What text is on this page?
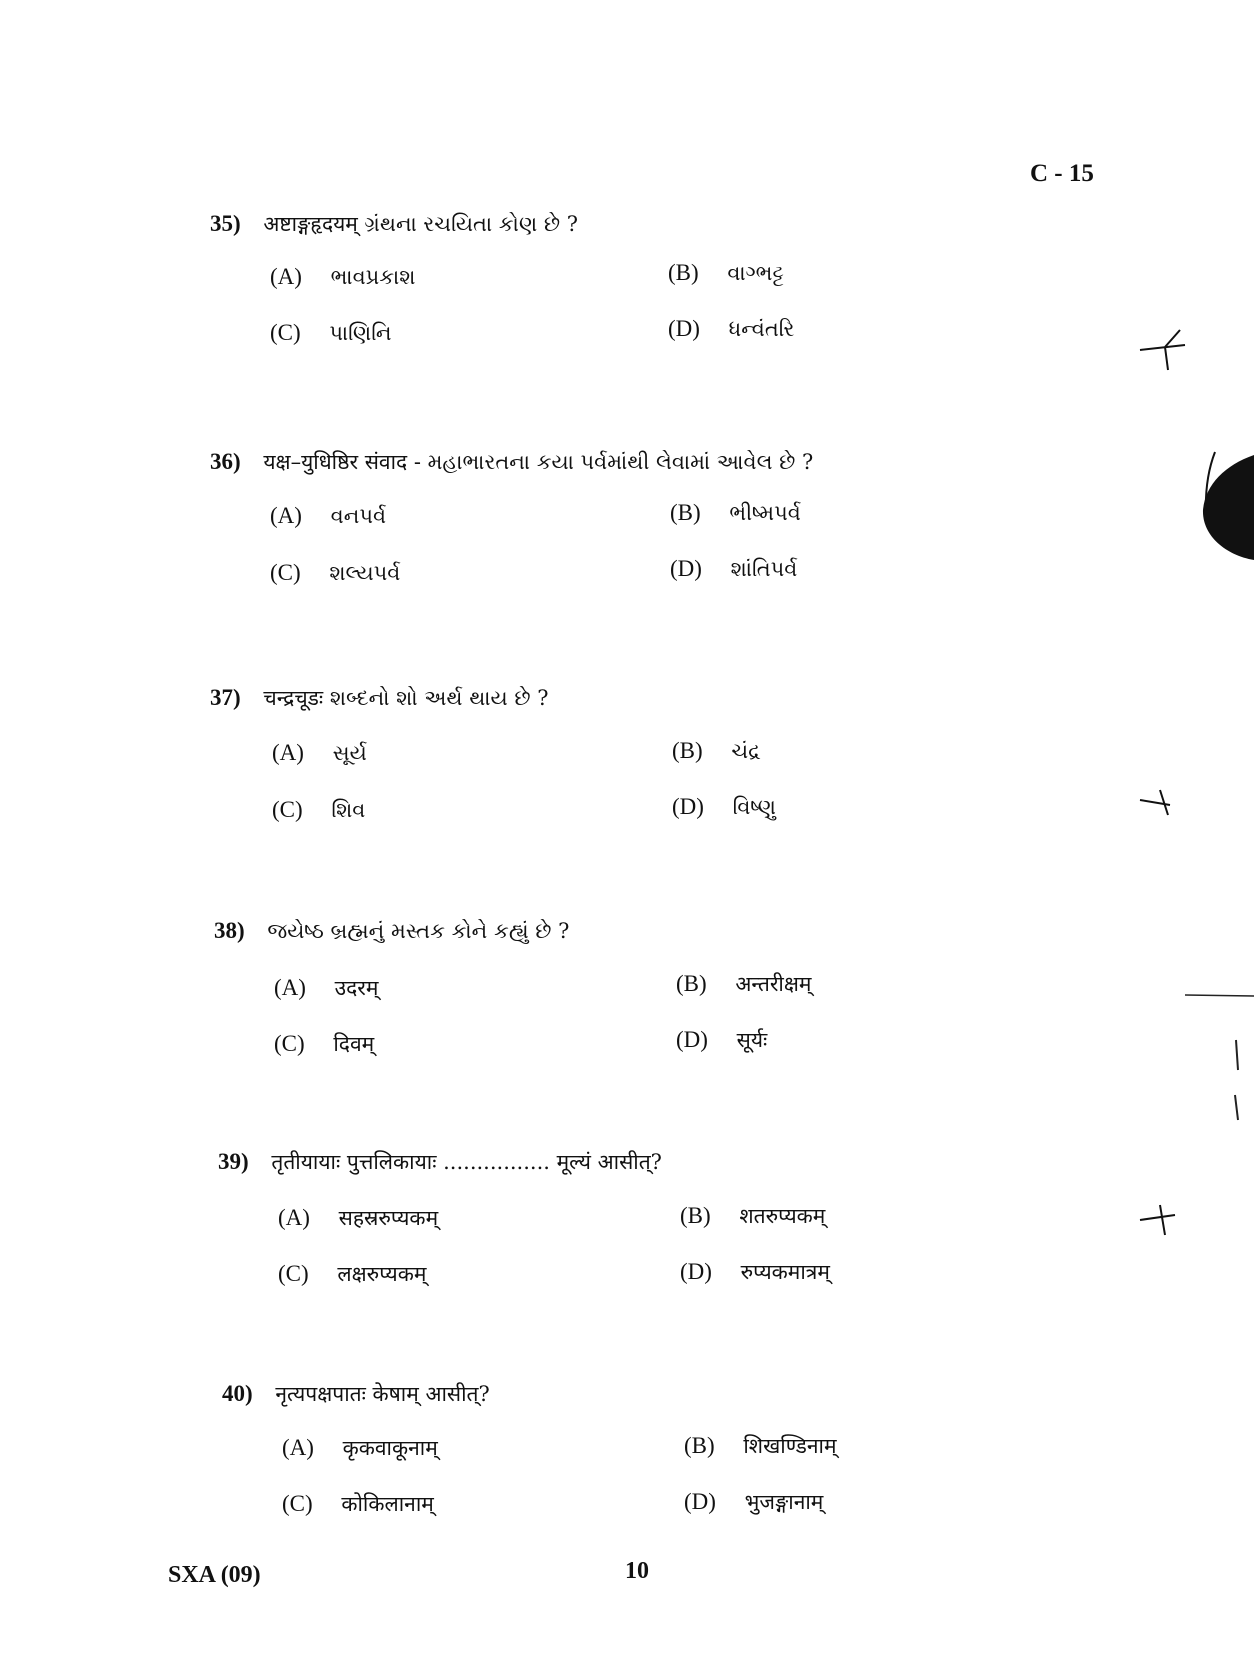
C - 15
35) अष्टाङ्गहृदयम् ગ્રંથના રચયિતા કોણ છે ?
(A) ભાવપ્રકાશ	(B) વાગ્ભટ્ટ
(C) પાણિનિ	(D) ધન્વંતરિ
36) यक्ष–युधिष्ठिर संवाद - મહાભારતના કયા પર્વમાંથી લેવામાં આવેલ છે ?
(A) વનપર્વ	(B) ભીષ્મપર્વ
(C) શલ્યપર્વ	(D) શાંતિપર્વ
37) चन्द्रचूडः શબ્દનો શો અર્થ થાય છે ?
(A) સૂર્ય	(B) ચંદ્ર
(C) શિવ	(D) વિષ્ણુ
38) જયેષ્ઠ બ્રહ્મનું મસ્તક કોને કહ્યું છે ?
(A) उदरम्	(B) अन्तरीक्षम्
(C) दिवम्	(D) सूर्यः
39) तृतीयायाः पुत्तलिकायाः ................ मूल्यं आसीत्?
(A) सहस्ररुप्यकम्	(B) शतरुप्यकम्
(C) लक्षरुप्यकम्	(D) रुप्यकमात्रम्
40) नृत्यपक्षपातः केषाम् आसीत्?
(A) कृकवाकूनाम्	(B) शिखण्डिनाम्
(C) कोकिलानाम्	(D) भुजङ्गानाम्
SXA (09)	10
